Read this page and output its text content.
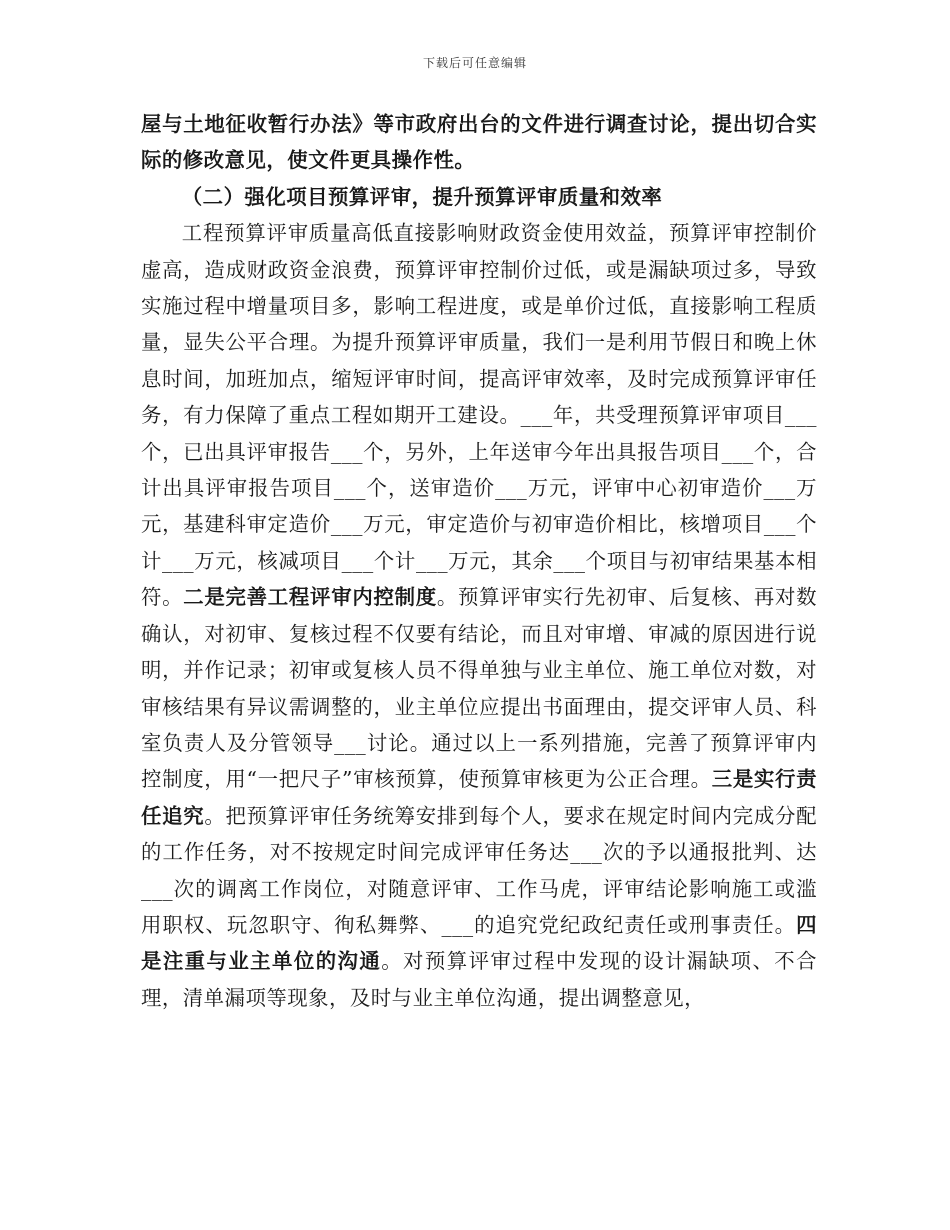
下载后可任意编辑

屋与土地征收暂行办法》等市政府出台的文件进行调查讨论，提出切合实际的修改意见，使文件更具操作性。

（二）强化项目预算评审，提升预算评审质量和效率

工程预算评审质量高低直接影响财政资金使用效益，预算评审控制价虚高，造成财政资金浪费，预算评审控制价过低，或是漏缺项过多，导致实施过程中增量项目多，影响工程进度，或是单价过低，直接影响工程质量，显失公平合理。为提升预算评审质量，我们一是利用节假日和晚上休息时间，加班加点，缩短评审时间，提高评审效率，及时完成预算评审任务，有力保障了重点工程如期开工建设。___年，共受理预算评审项目___个，已出具评审报告___个，另外，上年送审今年出具报告项目___个，合计出具评审报告项目___个，送审造价___万元，评审中心初审造价___万元，基建科审定造价___万元，审定造价与初审造价相比，核增项目___个计___万元，核减项目___个计___万元，其余___个项目与初审结果基本相符。二是完善工程评审内控制度。预算评审实行先初审、后复核、再对数确认，对初审、复核过程不仅要有结论，而且对审增、审减的原因进行说明，并作记录；初审或复核人员不得单独与业主单位、施工单位对数，对审核结果有异议需调整的，业主单位应提出书面理由，提交评审人员、科室负责人及分管领导___讨论。通过以上一系列措施，完善了预算评审内控制度，用“一把尺子”审核预算，使预算审核更为公正合理。三是实行责任追究。把预算评审任务统筹安排到每个人，要求在规定时间内完成分配的工作任务，对不按规定时间完成评审任务达___次的予以通报批判、达___次的调离工作岗位，对随意评审、工作马虎，评审结论影响施工或滥用职权、玩忽职守、徇私舞弊、___的追究党纪政纪责任或刑事责任。四是注重与业主单位的沟通。对预算评审过程中发现的设计漏缺项、不合理，清单漏项等现象，及时与业主单位沟通，提出调整意见，
